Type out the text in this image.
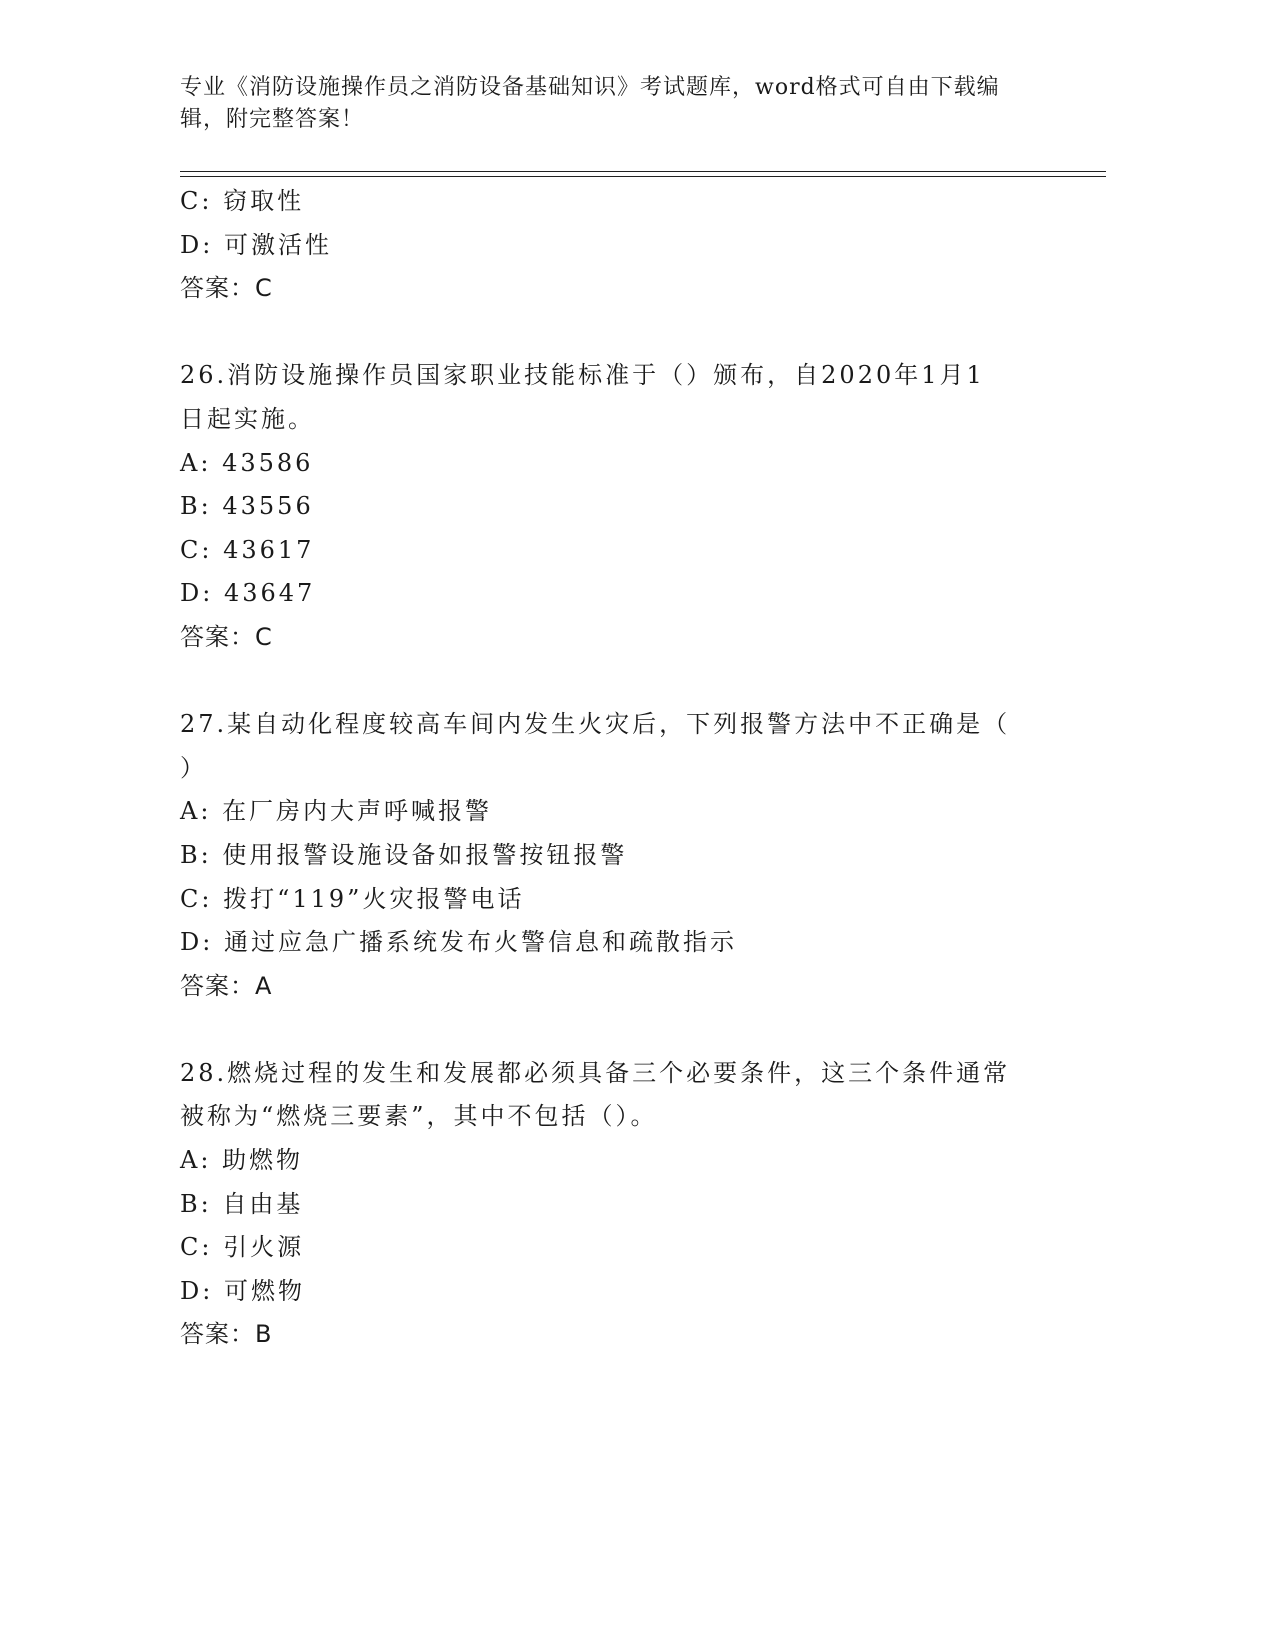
专业《消防设施操作员之消防设备基础知识》考试题库，word格式可自由下载编辑，附完整答案！
C: 窃取性
D: 可激活性
答案：C
26.消防设施操作员国家职业技能标准于（）颁布，自2020年1月1
日起实施。
A: 43586
B: 43556
C: 43617
D: 43647
答案：C
27.某自动化程度较高车间内发生火灾后，下列报警方法中不正确是（
）
A: 在厂房内大声呼喊报警
B: 使用报警设施设备如报警按钮报警
C: 拨打“119”火灾报警电话
D: 通过应急广播系统发布火警信息和疏散指示
答案：A
28.燃烧过程的发生和发展都必须具备三个必要条件，这三个条件通常
被称为“燃烧三要素”，其中不包括（）。
A: 助燃物
B: 自由基
C: 引火源
D: 可燃物
答案：B
